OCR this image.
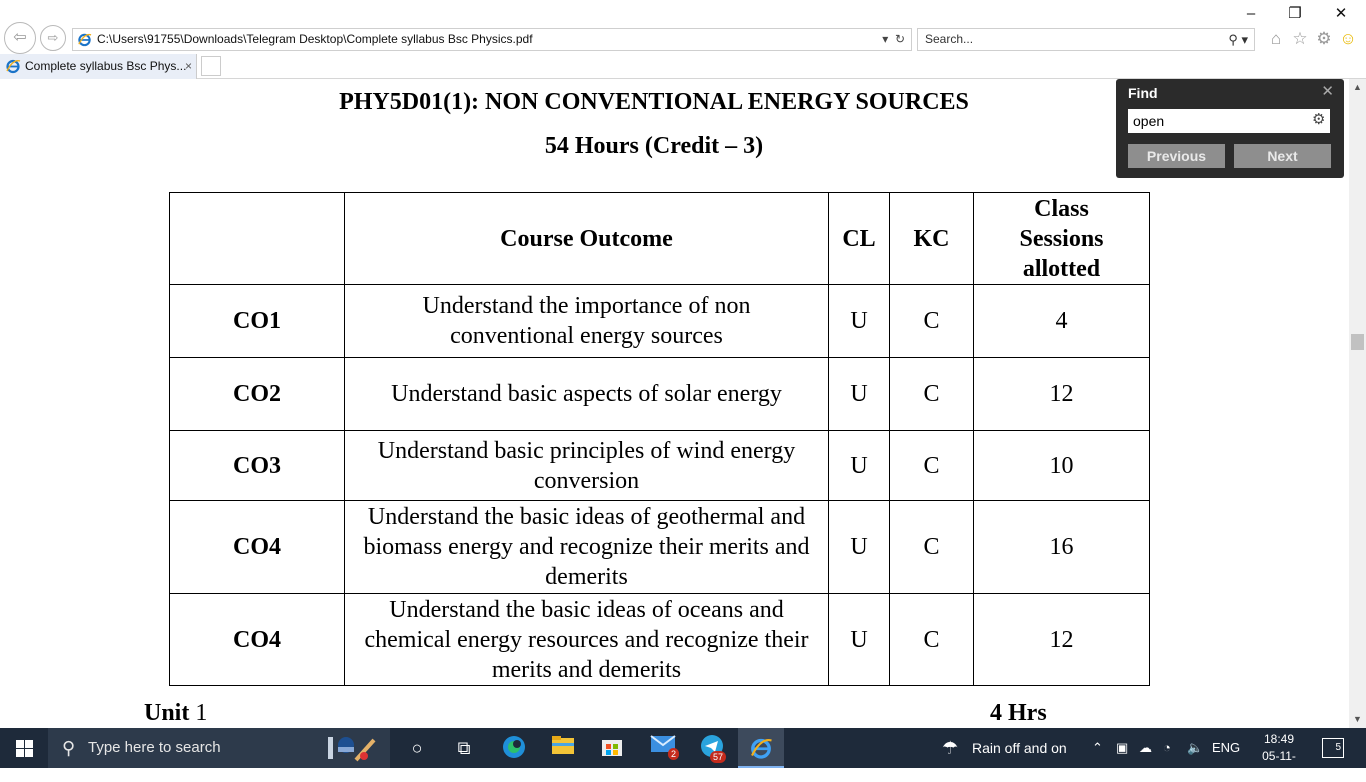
⇦	⇨	C:\Users\91755\Downloads\Telegram Desktop\Complete syllabus Bsc Physics.pdf	▾ ↻	Search...	⚲ ▾ ⌂ ☆ ⚙ ☺
–	❐	✕
Complete syllabus Bsc Phys...
×
PHY5D01(1): NON CONVENTIONAL ENERGY SOURCES
54 Hours (Credit – 3)
	Course Outcome	CL	KC	Class Sessions allotted
CO1	Understand the importance of non conventional energy sources	U	C	4
CO2	Understand basic aspects of solar energy	U	C	12
CO3	Understand basic principles of wind energy conversion	U	C	10
CO4	Understand the basic ideas of geothermal and biomass energy and recognize their merits and demerits	U	C	16
CO4	Understand the basic ideas of oceans and chemical energy resources and recognize their merits and demerits	U	C	12
Unit 1	4 Hrs
Find	✕
open
⚙
Previous	Next
▲
▼
⚲ Type here to search	○	⧉	2	57	☂ Rain off and on ⌃ ▣ ☁ ◔ 🔈 ENG
18:49
05-11-2022
5
